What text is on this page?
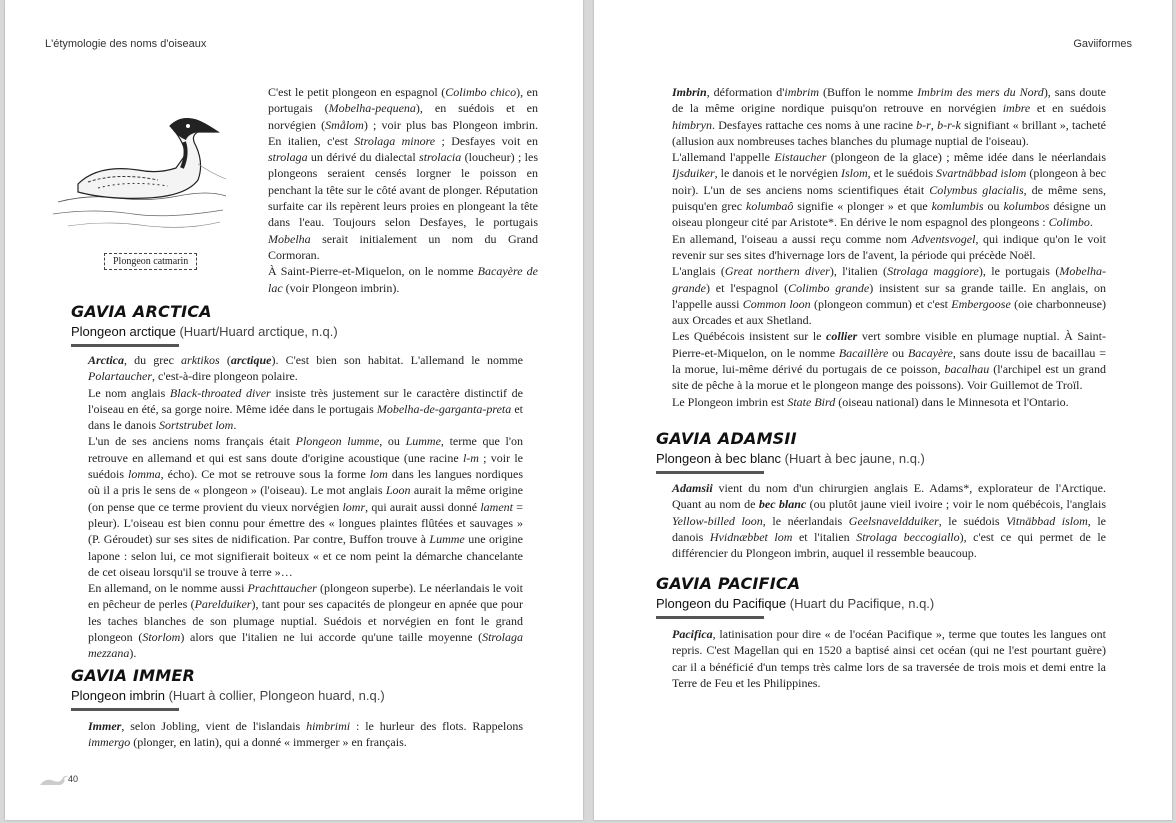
L'étymologie des noms d'oiseaux
Plongeon catmarin

C'est le petit plongeon en espagnol (Colimbo chico), en portugais (Mobelha-pequena), en suédois et en norvégien (Smålom) ; voir plus bas Plongeon imbrin. En italien, c'est Strolaga minore ; Desfayes voit en strolaga un dérivé du dialectal strolacia (loucheur) ; les plongeons seraient censés lorgner le poisson en penchant la tête sur le côté avant de plonger. Réputation surfaite car ils repèrent leurs proies en plongeant la tête dans l'eau. Toujours selon Desfayes, le portugais Mobelha serait initialement un nom du Grand Cormoran.
À Saint-Pierre-et-Miquelon, on le nomme Bacayère de lac (voir Plongeon imbrin).

GAVIA ARCTICA
Plongeon arctique (Huart/Huard arctique, n.q.)

Arctica, du grec arktikos (arctique). C'est bien son habitat. L'allemand le nomme Polartaucher, c'est-à-dire plongeon polaire.
Le nom anglais Black-throated diver insiste très justement sur le caractère distinctif de l'oiseau en été, sa gorge noire. Même idée dans le portugais Mobelha-de-garganta-preta et dans le danois Sortstrubet lom.
L'un de ses anciens noms français était Plongeon lumme, ou Lumme, terme que l'on retrouve en allemand et qui est sans doute d'origine acoustique (une racine l-m ; voir le suédois lomma, écho). Ce mot se retrouve sous la forme lom dans les langues nordiques où il a pris le sens de « plongeon » (l'oiseau). Le mot anglais Loon aurait la même origine (on pense que ce terme provient du vieux norvégien lomr, qui aurait aussi donné lament = pleur). L'oiseau est bien connu pour émettre des « longues plaintes flûtées et sauvages » (P. Géroudet) sur ses sites de nidification. Par contre, Buffon trouve à Lumme une origine lapone : selon lui, ce mot signifierait boiteux « et ce nom peint la démarche chancelante de cet oiseau lorsqu'il se trouve à terre »…
En allemand, on le nomme aussi Prachttaucher (plongeon superbe). Le néerlandais le voit en pêcheur de perles (Parelduiker), tant pour ses capacités de plongeur en apnée que pour les taches blanches de son plumage nuptial. Suédois et norvégien en font le grand plongeon (Storlom) alors que l'italien ne lui accorde qu'une taille moyenne (Strolaga mezzana).

GAVIA IMMER
Plongeon imbrin (Huart à collier, Plongeon huard, n.q.)

Immer, selon Jobling, vient de l'islandais himbrimi : le hurleur des flots. Rappelons immergo (plonger, en latin), qui a donné « immerger » en français.

40
Gaviiformes

Imbrin, déformation d'imbrim (Buffon le nomme Imbrim des mers du Nord), sans doute de la même origine nordique puisqu'on retrouve en norvégien imbre et en suédois himbryn. Desfayes rattache ces noms à une racine b-r, b-r-k signifiant « brillant », tacheté (allusion aux nombreuses taches blanches du plumage nuptial de l'oiseau).
L'allemand l'appelle Eistaucher (plongeon de la glace) ; même idée dans le néerlandais Ijsduiker, le danois et le norvégien Islom, et le suédois Svartnäbbad islom (plongeon à bec noir). L'un de ses anciens noms scientifiques était Colymbus glacialis, de même sens, puisqu'en grec kolumbaô signifie « plonger » et que komlumbis ou kolumbos désigne un oiseau plongeur cité par Aristote*. En dérive le nom espagnol des plongeons : Colimbo.
En allemand, l'oiseau a aussi reçu comme nom Adventsvogel, qui indique qu'on le voit revenir sur ses sites d'hivernage lors de l'avent, la période qui précède Noël.
L'anglais (Great northern diver), l'italien (Strolaga maggiore), le portugais (Mobelha-grande) et l'espagnol (Colimbo grande) insistent sur sa grande taille. En anglais, on l'appelle aussi Common loon (plongeon commun) et c'est Embergoose (oie charbonneuse) aux Orcades et aux Shetland.
Les Québécois insistent sur le collier vert sombre visible en plumage nuptial. À Saint-Pierre-et-Miquelon, on le nomme Bacaillère ou Bacayère, sans doute issu de bacaillau = la morue, lui-même dérivé du portugais de ce poisson, bacalhau (l'archipel est un grand site de pêche à la morue et le plongeon mange des poissons). Voir Guillemot de Troïl.
Le Plongeon imbrin est State Bird (oiseau national) dans le Minnesota et l'Ontario.

GAVIA ADAMSII
Plongeon à bec blanc (Huart à bec jaune, n.q.)

Adamsii vient du nom d'un chirurgien anglais E. Adams*, explorateur de l'Arctique. Quant au nom de bec blanc (ou plutôt jaune vieil ivoire ; voir le nom québécois, l'anglais Yellow-billed loon, le néerlandais Geelsnaveldduiker, le suédois Vitnäbbad islom, le danois Hvidnæbbet lom et l'italien Strolaga beccogiallo), c'est ce qui permet de le différencier du Plongeon imbrin, auquel il ressemble beaucoup.

GAVIA PACIFICA
Plongeon du Pacifique (Huart du Pacifique, n.q.)

Pacifica, latinisation pour dire « de l'océan Pacifique », terme que toutes les langues ont repris. C'est Magellan qui en 1520 a baptisé ainsi cet océan (qui ne l'est pourtant guère) car il a bénéficié d'un temps très calme lors de sa traversée de trois mois et demi entre la Terre de Feu et les Philippines.
